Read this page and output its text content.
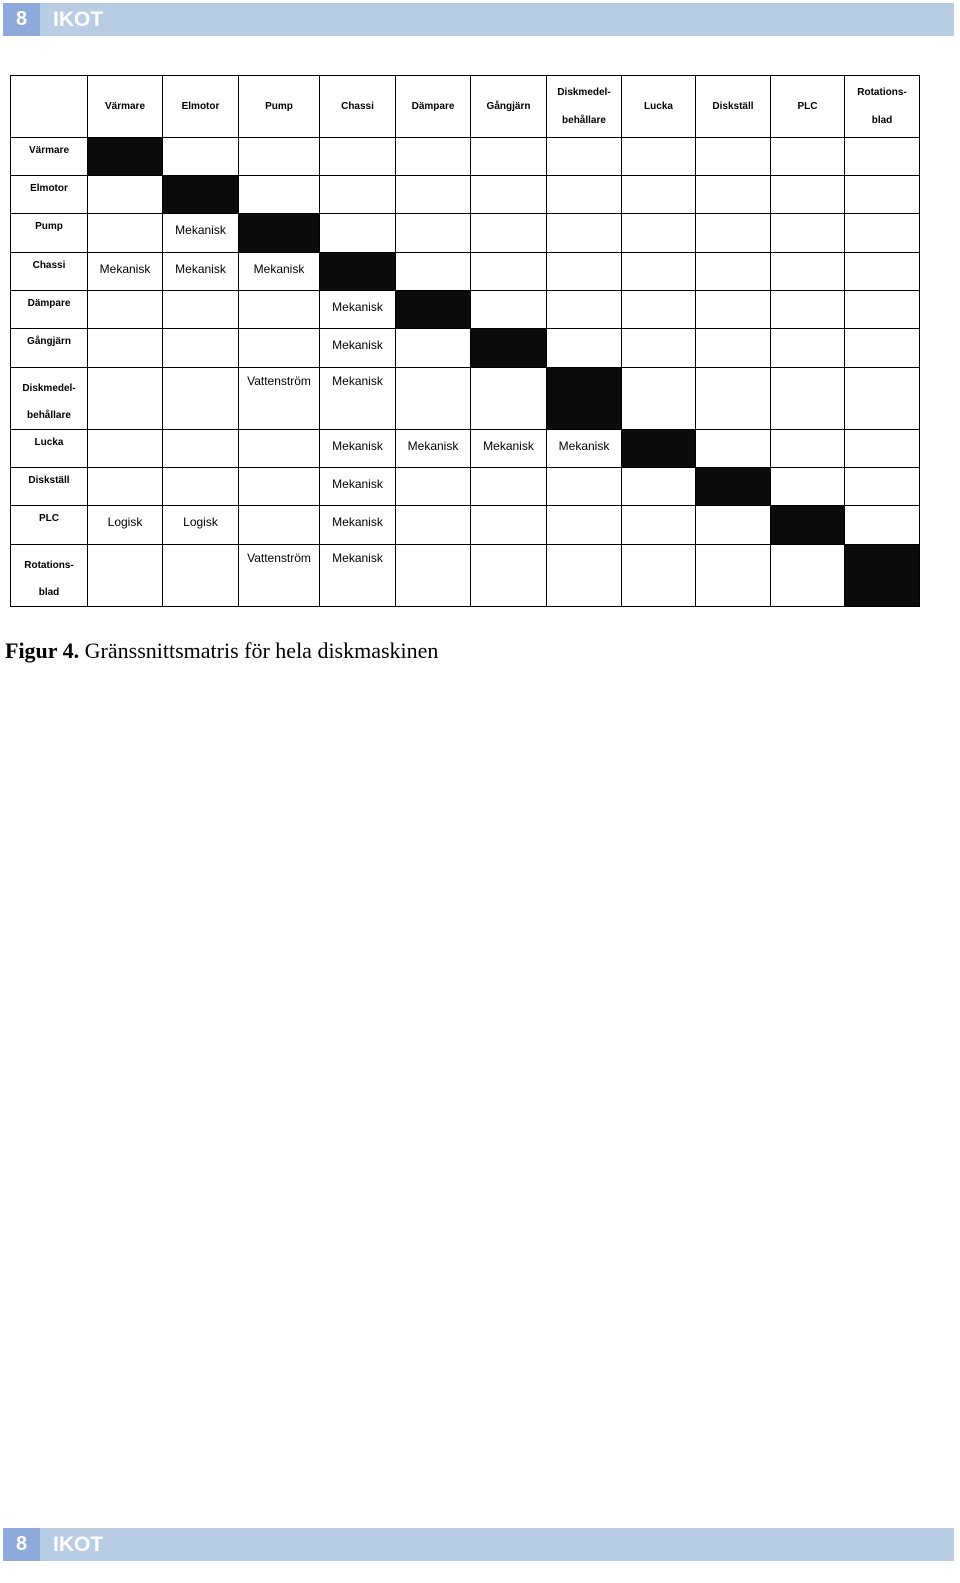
8	IKOT

	Värmare	Elmotor	Pump	Chassi	Dämpare	Gångjärn	Diskmedel-
behållare	Lucka	Diskställ	PLC	Rotations-
blad

Värmare											

Elmotor											

Pump		Mekanisk									

Chassi	Mekanisk	Mekanisk	Mekanisk								

Dämpare				Mekanisk							

Gångjärn				Mekanisk							

Diskmedel-
behållare			Vattenström	Mekanisk							

Lucka				Mekanisk	Mekanisk	Mekanisk	Mekanisk				

Diskställ				Mekanisk							

PLC	Logisk	Logisk		Mekanisk							

Rotations-
blad			Vattenström	Mekanisk							
Figur 4. Gränssnittsmatris för hela diskmaskinen
8	IKOT
